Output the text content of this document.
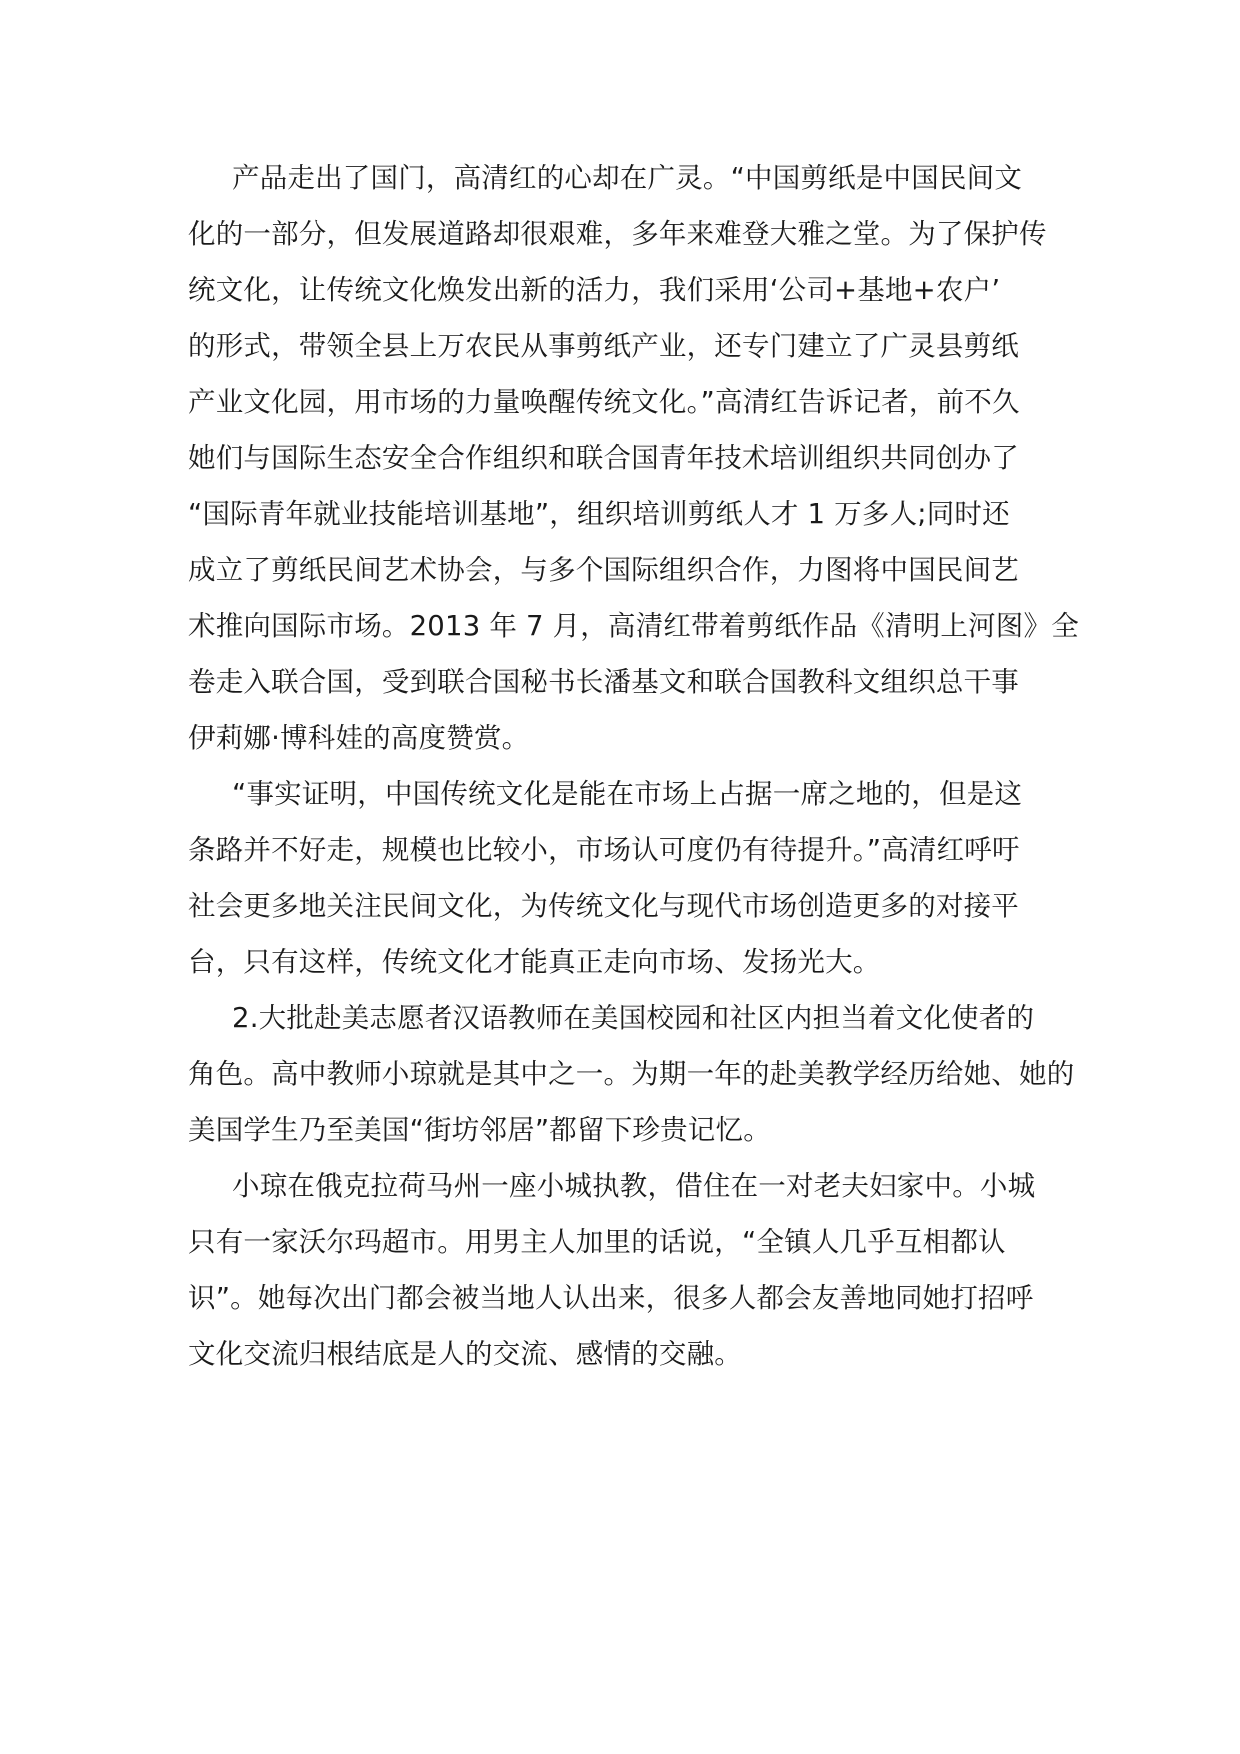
产品走出了国门，高清红的心却在广灵。“中国剪纸是中国民间文
化的一部分，但发展道路却很艰难，多年来难登大雅之堂。为了保护传
统文化，让传统文化焕发出新的活力，我们采用‘公司+基地+农户’
的形式，带领全县上万农民从事剪纸产业，还专门建立了广灵县剪纸
产业文化园，用市场的力量唤醒传统文化。”高清红告诉记者，前不久
她们与国际生态安全合作组织和联合国青年技术培训组织共同创办了
“国际青年就业技能培训基地”，组织培训剪纸人才 1 万多人;同时还
成立了剪纸民间艺术协会，与多个国际组织合作，力图将中国民间艺
术推向国际市场。2013 年 7 月，高清红带着剪纸作品《清明上河图》全
卷走入联合国，受到联合国秘书长潘基文和联合国教科文组织总干事
伊莉娜·博科娃的高度赞赏。
“事实证明，中国传统文化是能在市场上占据一席之地的，但是这
条路并不好走，规模也比较小，市场认可度仍有待提升。”高清红呼吁
社会更多地关注民间文化，为传统文化与现代市场创造更多的对接平
台，只有这样，传统文化才能真正走向市场、发扬光大。
2.大批赴美志愿者汉语教师在美国校园和社区内担当着文化使者的
角色。高中教师小琼就是其中之一。为期一年的赴美教学经历给她、她的
美国学生乃至美国“街坊邻居”都留下珍贵记忆。
小琼在俄克拉荷马州一座小城执教，借住在一对老夫妇家中。小城
只有一家沃尔玛超市。用男主人加里的话说，“全镇人几乎互相都认
识”。她每次出门都会被当地人认出来，很多人都会友善地同她打招呼
文化交流归根结底是人的交流、感情的交融。
